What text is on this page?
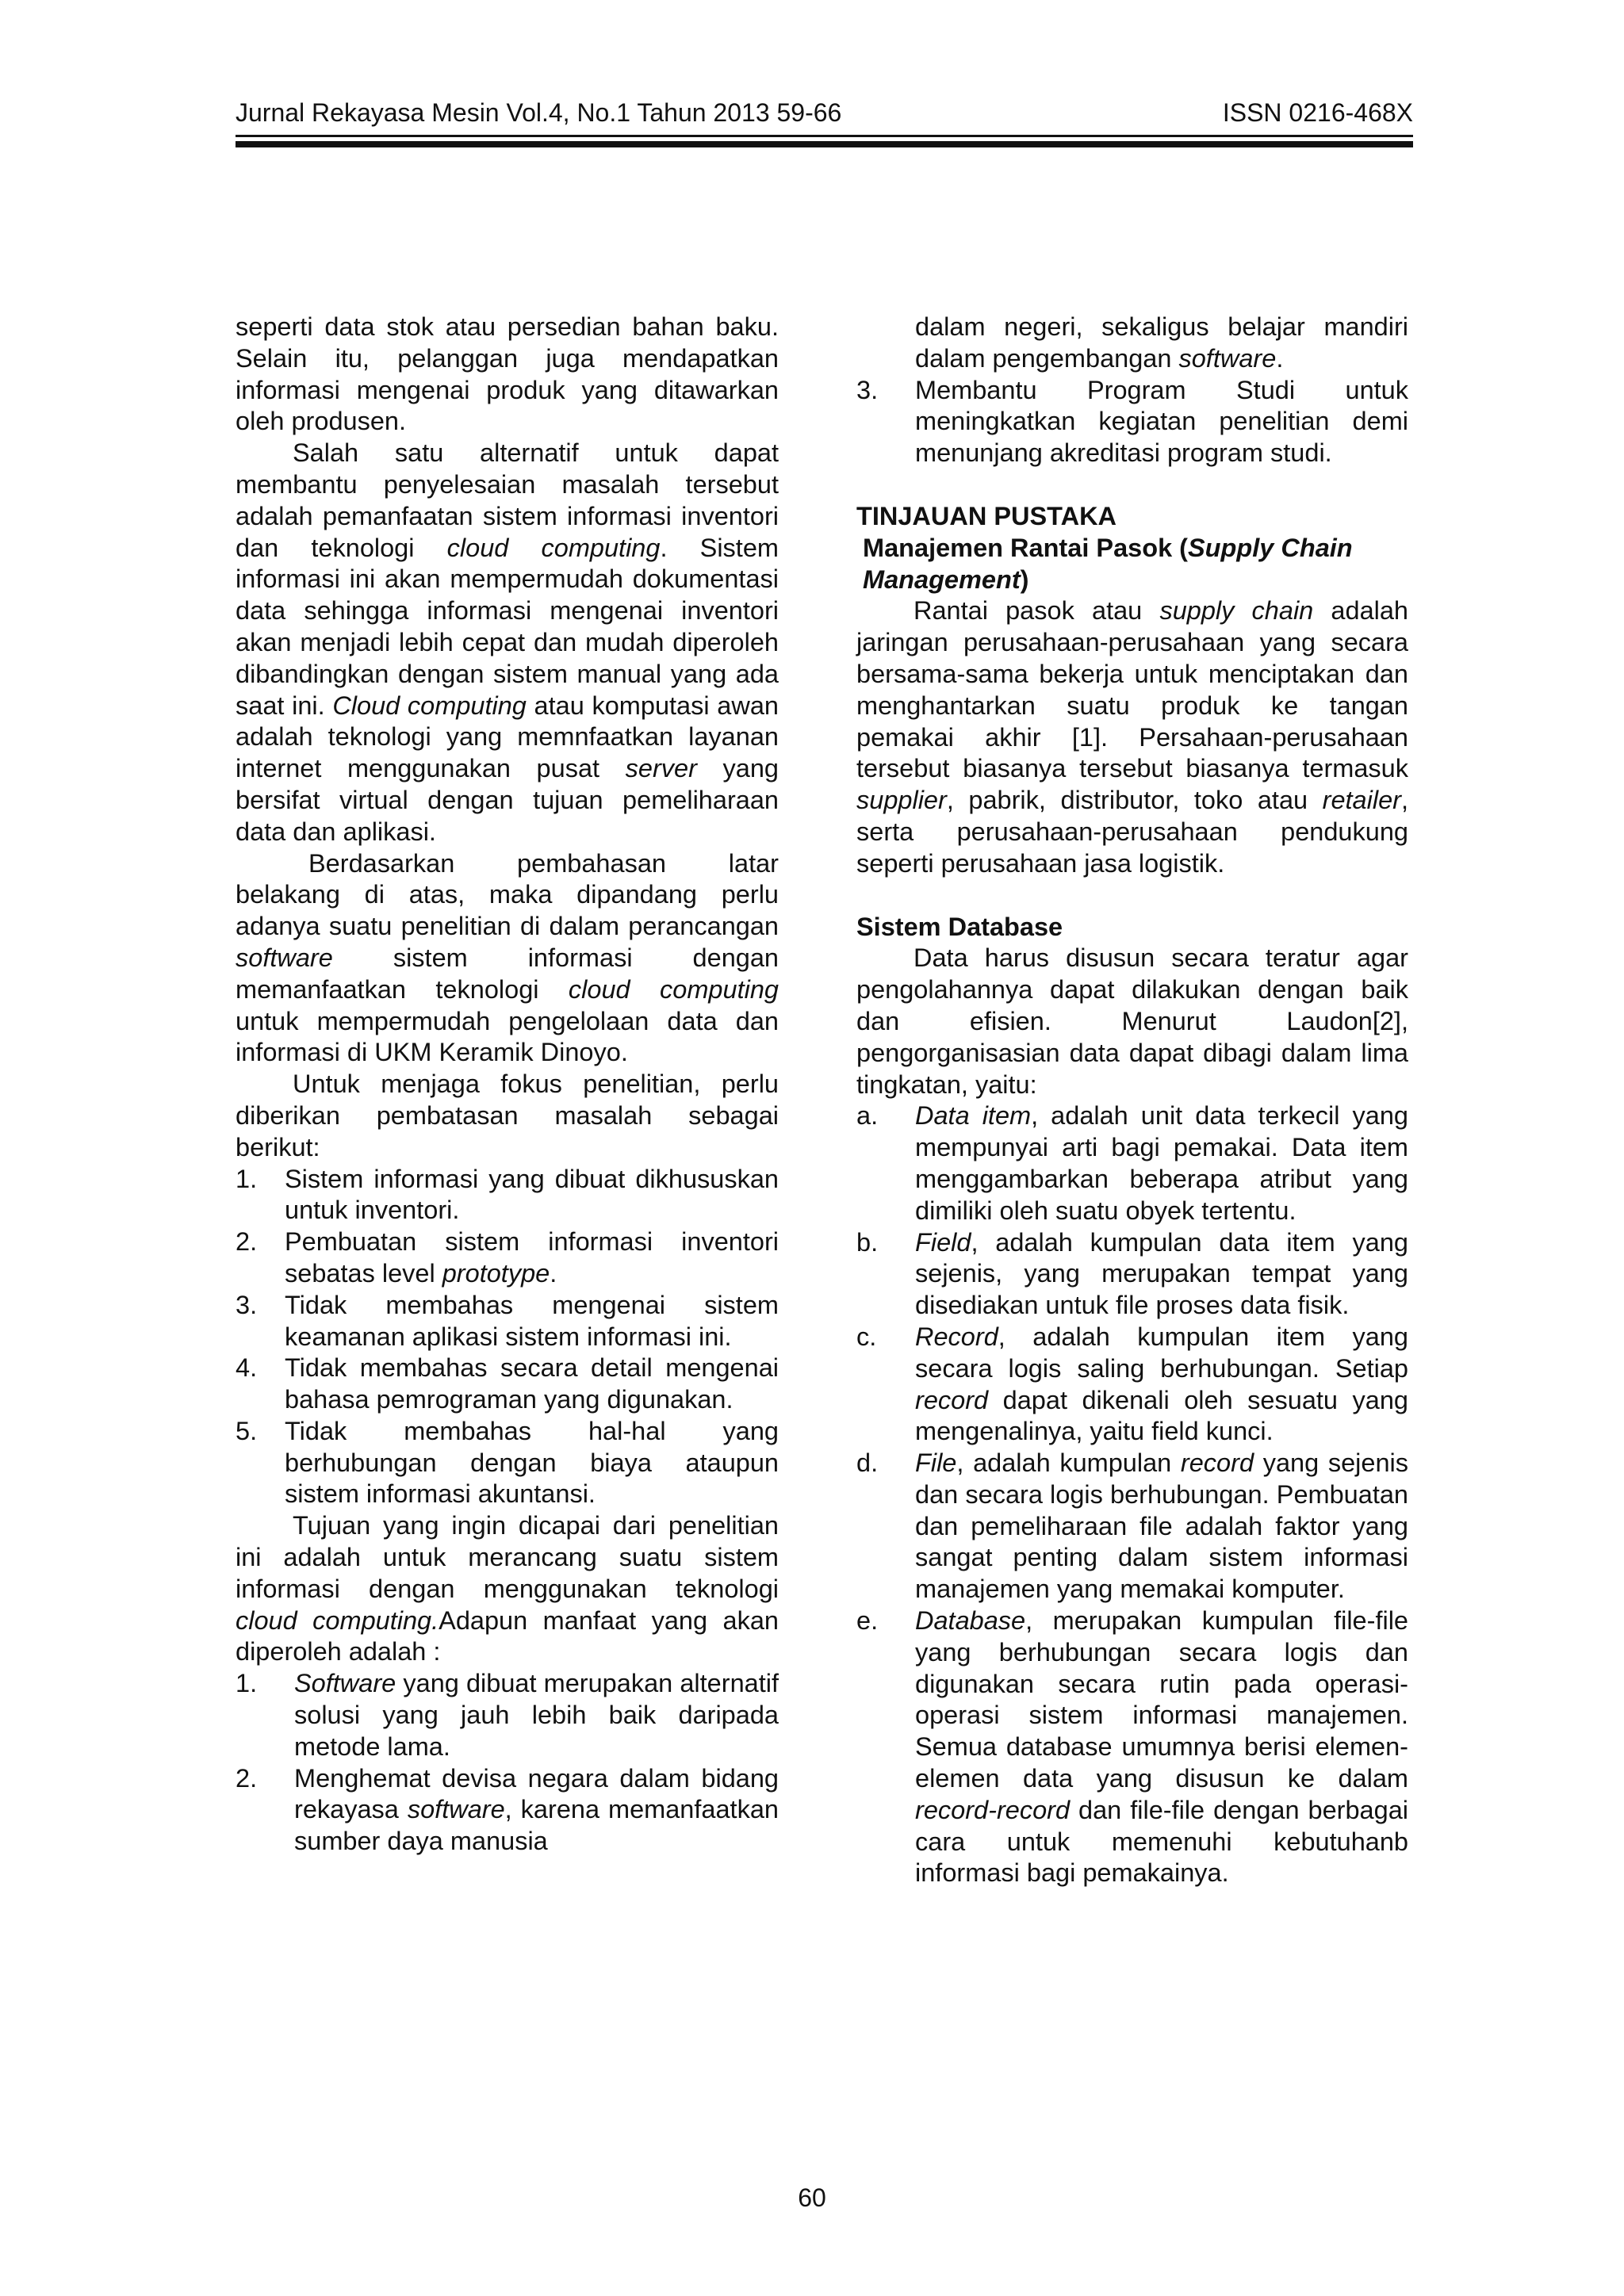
Jurnal Rekayasa Mesin Vol.4, No.1 Tahun 2013 59-66	ISSN 0216-468X

seperti data stok atau persedian bahan baku. Selain itu, pelanggan juga mendapatkan informasi mengenai produk yang ditawarkan oleh produsen.

Salah satu alternatif untuk dapat membantu penyelesaian masalah tersebut adalah pemanfaatan sistem informasi inventori dan teknologi cloud computing. Sistem informasi ini akan mempermudah dokumentasi data sehingga informasi mengenai inventori akan menjadi lebih cepat dan mudah diperoleh dibandingkan dengan sistem manual yang ada saat ini. Cloud computing atau komputasi awan adalah teknologi yang memnfaatkan layanan internet menggunakan pusat server yang bersifat virtual dengan tujuan pemeliharaan data dan aplikasi.

Berdasarkan pembahasan latar belakang di atas, maka dipandang perlu adanya suatu penelitian di dalam perancangan software sistem informasi dengan memanfaatkan teknologi cloud computing untuk mempermudah pengelolaan data dan informasi di UKM Keramik Dinoyo.

Untuk menjaga fokus penelitian, perlu diberikan pembatasan masalah sebagai berikut:

1. Sistem informasi yang dibuat dikhususkan untuk inventori.
2. Pembuatan sistem informasi inventori sebatas level prototype.
3. Tidak membahas mengenai sistem keamanan aplikasi sistem informasi ini.
4. Tidak membahas secara detail mengenai bahasa pemrograman yang digunakan.
5. Tidak membahas hal-hal yang berhubungan dengan biaya ataupun sistem informasi akuntansi.

Tujuan yang ingin dicapai dari penelitian ini adalah untuk merancang suatu sistem informasi dengan menggunakan teknologi cloud computing.Adapun manfaat yang akan diperoleh adalah :

1. Software yang dibuat merupakan alternatif solusi yang jauh lebih baik daripada metode lama.
2. Menghemat devisa negara dalam bidang rekayasa software, karena memanfaatkan sumber daya manusia
dalam negeri, sekaligus belajar mandiri dalam pengembangan software.
3. Membantu Program Studi untuk meningkatkan kegiatan penelitian demi menunjang akreditasi program studi.

TINJAUAN PUSTAKA

Manajemen Rantai Pasok (Supply Chain Management)

Rantai pasok atau supply chain adalah jaringan perusahaan-perusahaan yang secara bersama-sama bekerja untuk menciptakan dan menghantarkan suatu produk ke tangan pemakai akhir [1]. Persahaan-perusahaan tersebut biasanya tersebut biasanya termasuk supplier, pabrik, distributor, toko atau retailer, serta perusahaan-perusahaan pendukung seperti perusahaan jasa logistik.

Sistem Database

Data harus disusun secara teratur agar pengolahannya dapat dilakukan dengan baik dan efisien. Menurut Laudon[2], pengorganisasian data dapat dibagi dalam lima tingkatan, yaitu:

a. Data item, adalah unit data terkecil yang mempunyai arti bagi pemakai. Data item menggambarkan beberapa atribut yang dimiliki oleh suatu obyek tertentu.
b. Field, adalah kumpulan data item yang sejenis, yang merupakan tempat yang disediakan untuk file proses data fisik.
c. Record, adalah kumpulan item yang secara logis saling berhubungan. Setiap record dapat dikenali oleh sesuatu yang mengenalinya, yaitu field kunci.
d. File, adalah kumpulan record yang sejenis dan secara logis berhubungan. Pembuatan dan pemeliharaan file adalah faktor yang sangat penting dalam sistem informasi manajemen yang memakai komputer.
e. Database, merupakan kumpulan file-file yang berhubungan secara logis dan digunakan secara rutin pada operasi-operasi sistem informasi manajemen. Semua database umumnya berisi elemen-elemen data yang disusun ke dalam record-record dan file-file dengan berbagai cara untuk memenuhi kebutuhanb informasi bagi pemakainya.
60
